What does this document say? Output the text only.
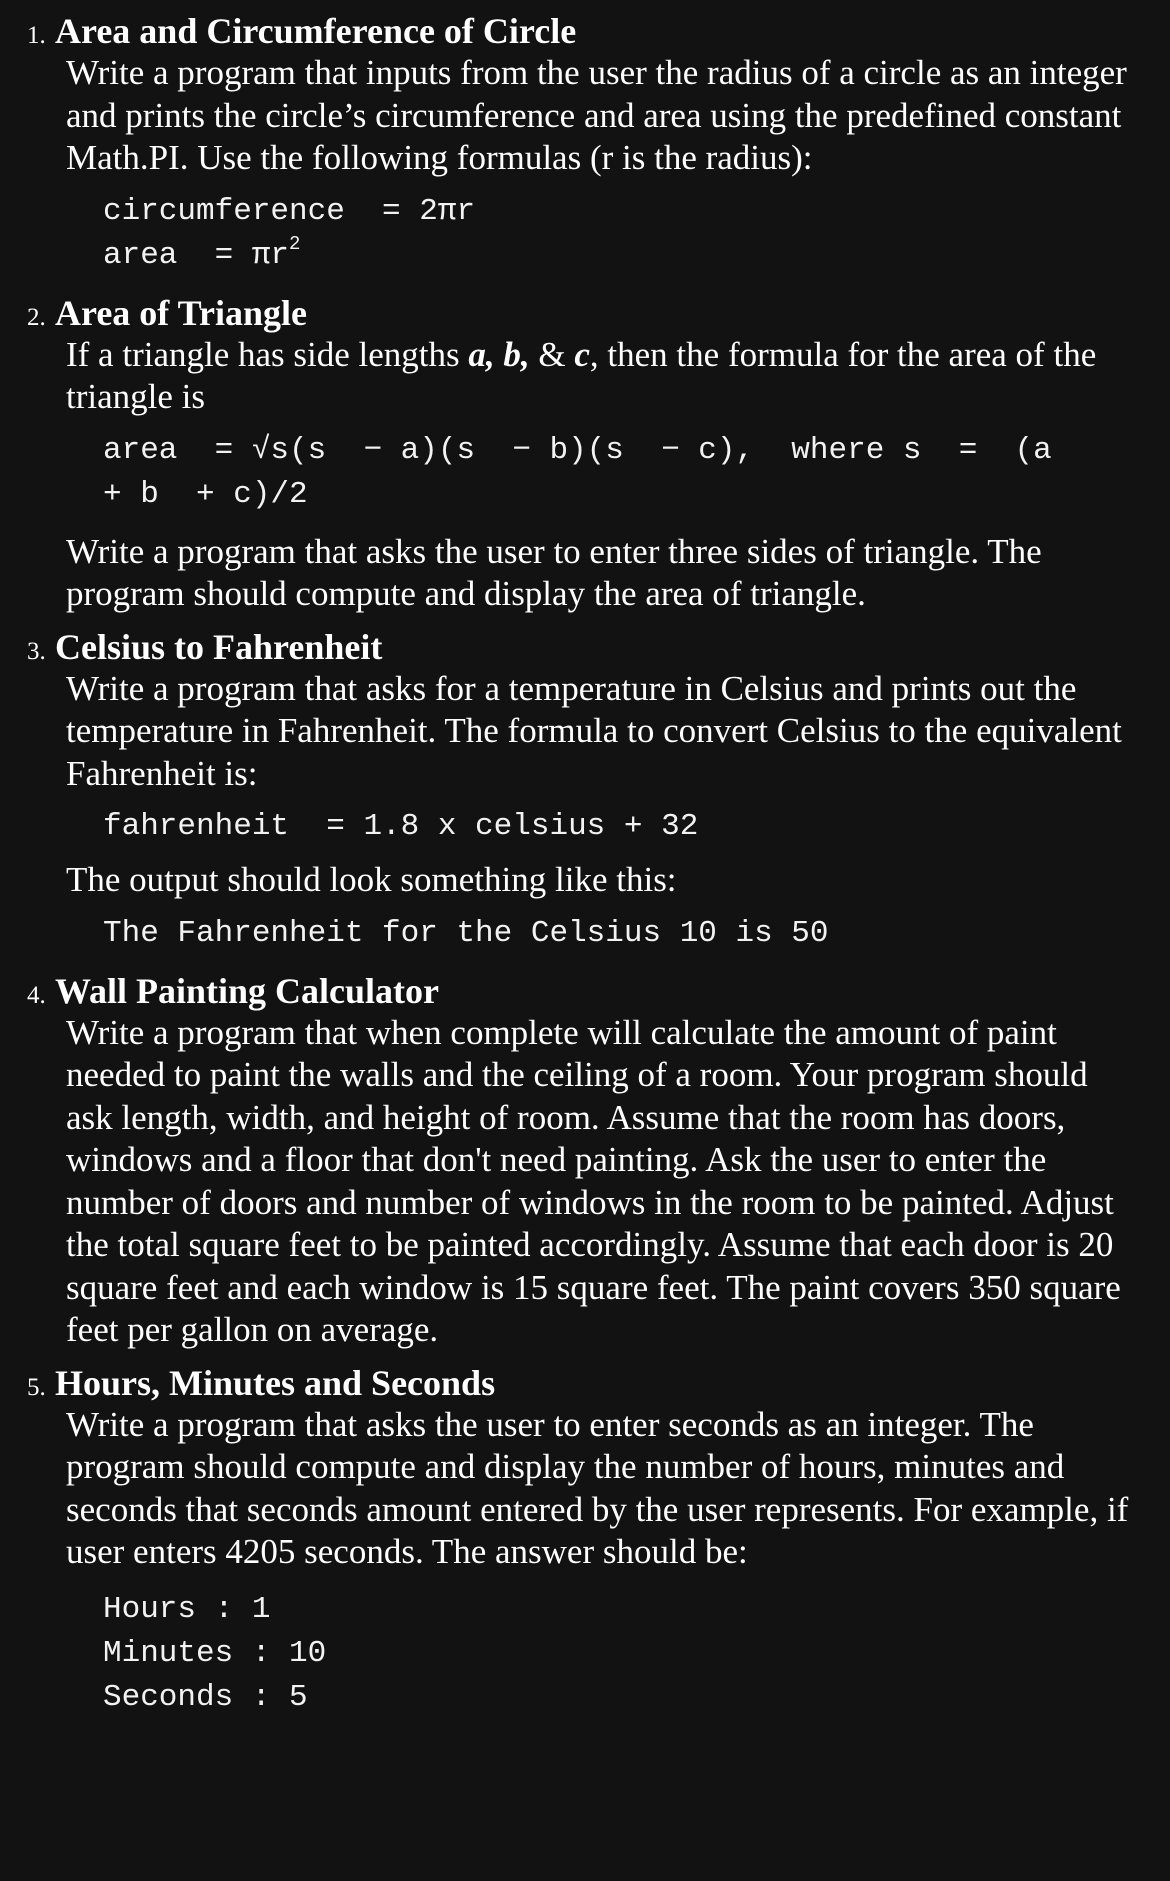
1. Area and Circumference of Circle

Write a program that inputs from the user the radius of a circle as an integer and prints the circle’s circumference and area using the predefined constant Math.PI. Use the following formulas (r is the radius):

circumference  = 2πr
area  = $\pi r^2$
2. Area of Triangle

If a triangle has side lengths a, b, & c, then the formula for the area of the triangle is

area  = √s(s  − a)(s  − b)(s  − c),  where s  =  (a
+ b  + c)/2

Write a program that asks the user to enter three sides of triangle. The program should compute and display the area of triangle.

3. Celsius to Fahrenheit

Write a program that asks for a temperature in Celsius and prints out the temperature in Fahrenheit. The formula to convert Celsius to the equivalent Fahrenheit is:

fahrenheit  = 1.8 x celsius + 32

The output should look something like this:

The Fahrenheit for the Celsius 10 is 50
4. Wall Painting Calculator

Write a program that when complete will calculate the amount of paint needed to paint the walls and the ceiling of a room. Your program should ask length, width, and height of room. Assume that the room has doors, windows and a floor that don't need painting. Ask the user to enter the number of doors and number of windows in the room to be painted. Adjust the total square feet to be painted accordingly. Assume that each door is 20 square feet and each window is 15 square feet. The paint covers 350 square feet per gallon on average.

5. Hours, Minutes and Seconds

Write a program that asks the user to enter seconds as an integer. The program should compute and display the number of hours, minutes and seconds that seconds amount entered by the user represents. For example, if user enters 4205 seconds. The answer should be:

Hours : 1
Minutes : 10
Seconds : 5
